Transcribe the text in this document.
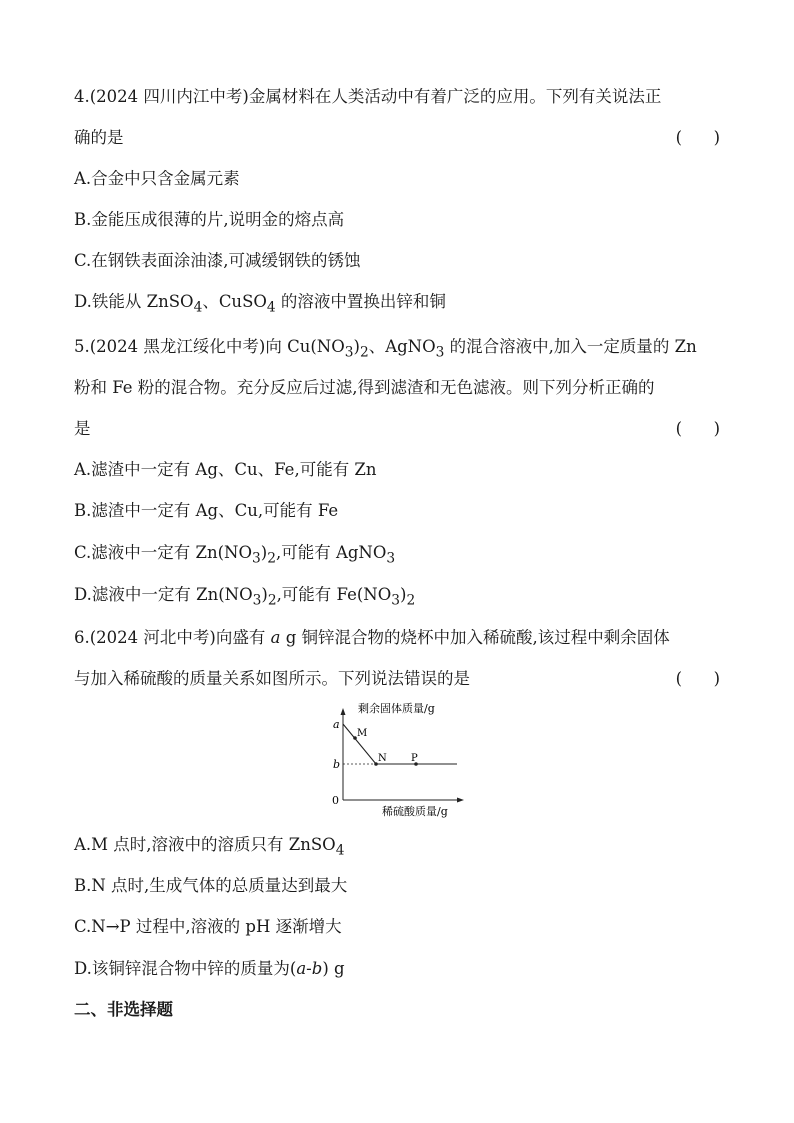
4.(2024 四川内江中考)金属材料在人类活动中有着广泛的应用。下列有关说法正
确的是	(      )
A.合金中只含金属元素
B.金能压成很薄的片,说明金的熔点高
C.在钢铁表面涂油漆,可减缓钢铁的锈蚀
D.铁能从 ZnSO$_4$、CuSO$_4$ 的溶液中置换出锌和铜
5.(2024 黑龙江绥化中考)向 $Cu(NO_3)_2$、AgNO$_3$ 的混合溶液中,加入一定质量的 Zn
粉和 Fe 粉的混合物。充分反应后过滤,得到滤渣和无色滤液。则下列分析正确的
是	(      )
A.滤渣中一定有 Ag、Cu、Fe,可能有 Zn
B.滤渣中一定有 Ag、Cu,可能有 Fe
C.滤液中一定有 $Zn(NO_3)_2$,可能有 AgNO$_3$
D.滤液中一定有 $Zn(NO_3)_2$,可能有 $Fe(NO_3)_2$
6.(2024 河北中考)向盛有 a g 铜锌混合物的烧杯中加入稀硫酸,该过程中剩余固体
与加入稀硫酸的质量关系如图所示。下列说法错误的是	(      )
剩余固体质量/g
稀硫酸质量/g
a
b
0
M
N P
A.M 点时,溶液中的溶质只有 ZnSO$_4$
B.N 点时,生成气体的总质量达到最大
C.N→P 过程中,溶液的 pH 逐渐增大
D.该铜锌混合物中锌的质量为(a-b) g
二、非选择题
